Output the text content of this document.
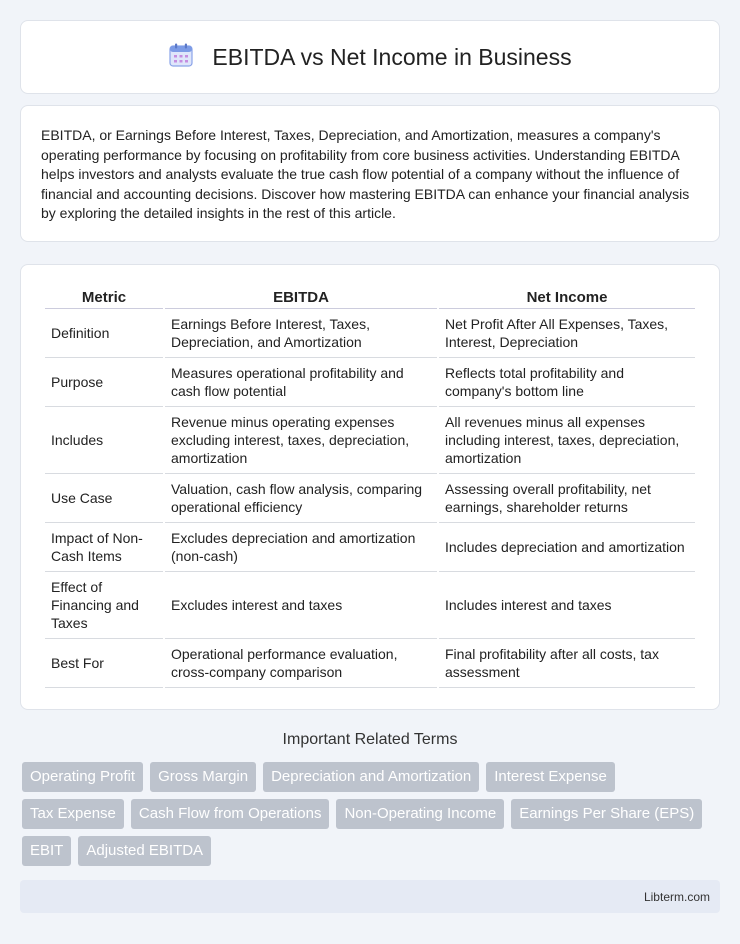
EBITDA vs Net Income in Business

EBITDA, or Earnings Before Interest, Taxes, Depreciation, and Amortization, measures a company's operating performance by focusing on profitability from core business activities. Understanding EBITDA helps investors and analysts evaluate the true cash flow potential of a company without the influence of financial and accounting decisions. Discover how mastering EBITDA can enhance your financial analysis by exploring the detailed insights in the rest of this article.

Metric	EBITDA	Net Income
Definition	Earnings Before Interest, Taxes, Depreciation, and Amortization	Net Profit After All Expenses, Taxes, Interest, Depreciation
Purpose	Measures operational profitability and cash flow potential	Reflects total profitability and company's bottom line
Includes	Revenue minus operating expenses excluding interest, taxes, depreciation, amortization	All revenues minus all expenses including interest, taxes, depreciation, amortization
Use Case	Valuation, cash flow analysis, comparing operational efficiency	Assessing overall profitability, net earnings, shareholder returns
Impact of Non-Cash Items	Excludes depreciation and amortization (non-cash)	Includes depreciation and amortization
Effect of Financing and Taxes	Excludes interest and taxes	Includes interest and taxes
Best For	Operational performance evaluation, cross-company comparison	Final profitability after all costs, tax assessment
Important Related Terms
Operating Profit	Gross Margin	Depreciation and Amortization	Interest Expense
Tax Expense	Cash Flow from Operations	Non-Operating Income	Earnings Per Share (EPS)
EBIT	Adjusted EBITDA
Libterm.com
